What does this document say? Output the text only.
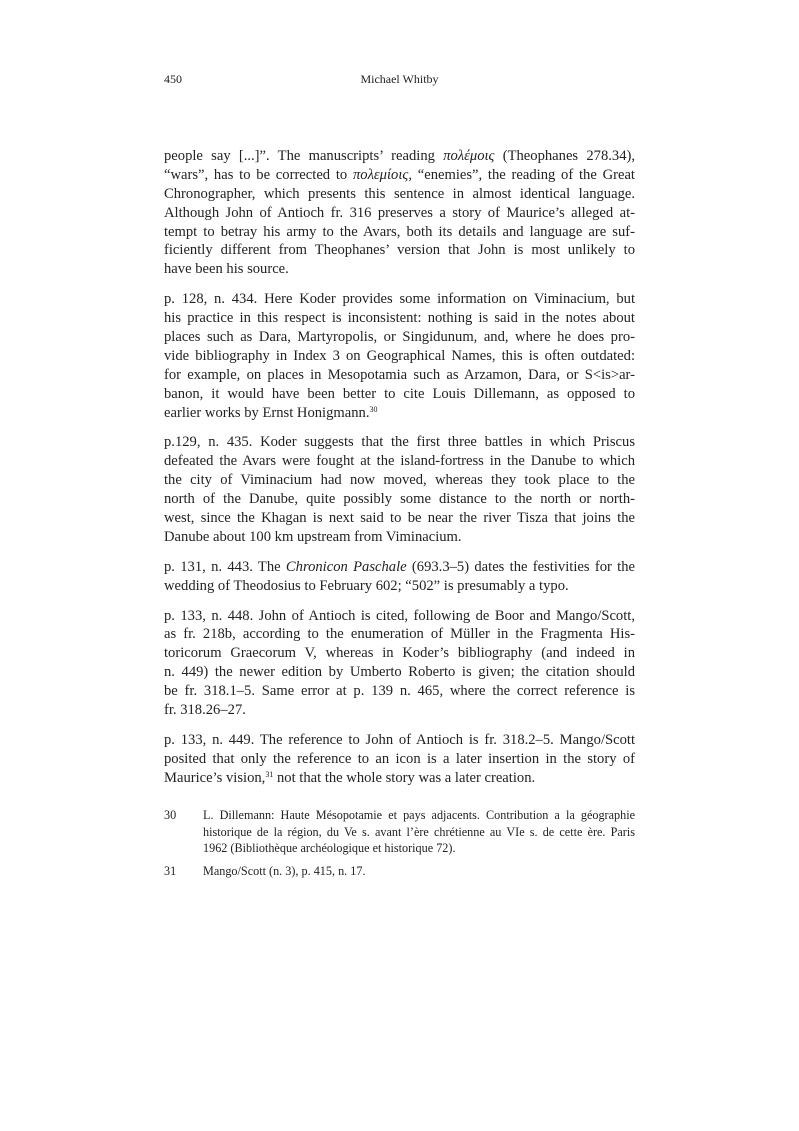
450	Michael Whitby
people say [...]”. The manuscripts’ reading πολέμοις (Theophanes 278.34),
“wars”, has to be corrected to πολεμίοις, “enemies”, the reading of the Great
Chronographer, which presents this sentence in almost identical language.
Although John of Antioch fr. 316 preserves a story of Maurice’s alleged at-
tempt to betray his army to the Avars, both its details and language are suf-
ficiently different from Theophanes’ version that John is most unlikely to
have been his source.
p. 128, n. 434. Here Koder provides some information on Viminacium, but
his practice in this respect is inconsistent: nothing is said in the notes about
places such as Dara, Martyropolis, or Singidunum, and, where he does pro-
vide bibliography in Index 3 on Geographical Names, this is often outdated:
for example, on places in Mesopotamia such as Arzamon, Dara, or S<is>ar-
banon, it would have been better to cite Louis Dillemann, as opposed to
earlier works by Ernst Honigmann.$^{30}$
p.129, n. 435. Koder suggests that the first three battles in which Priscus
defeated the Avars were fought at the island-fortress in the Danube to which
the city of Viminacium had now moved, whereas they took place to the
north of the Danube, quite possibly some distance to the north or north-
west, since the Khagan is next said to be near the river Tisza that joins the
Danube about 100 km upstream from Viminacium.
p. 131, n. 443. The Chronicon Paschale (693.3–5) dates the festivities for the
wedding of Theodosius to February 602; “502” is presumably a typo.
p. 133, n. 448. John of Antioch is cited, following de Boor and Mango/Scott,
as fr. 218b, according to the enumeration of Müller in the Fragmenta His-
toricorum Graecorum V, whereas in Koder’s bibliography (and indeed in
n. 449) the newer edition by Umberto Roberto is given; the citation should
be fr. 318.1–5. Same error at p. 139 n. 465, where the correct reference is
fr. 318.26–27.
p. 133, n. 449. The reference to John of Antioch is fr. 318.2–5. Mango/Scott
posited that only the reference to an icon is a later insertion in the story of
Maurice’s vision,$^{31}$ not that the whole story was a later creation.
30 L. Dillemann: Haute Mésopotamie et pays adjacents. Contribution a la géographie
historique de la région, du Ve s. avant l’ère chrétienne au VIe s. de cette ère. Paris
1962 (Bibliothèque archéologique et historique 72).
31 Mango/Scott (n. 3), p. 415, n. 17.
